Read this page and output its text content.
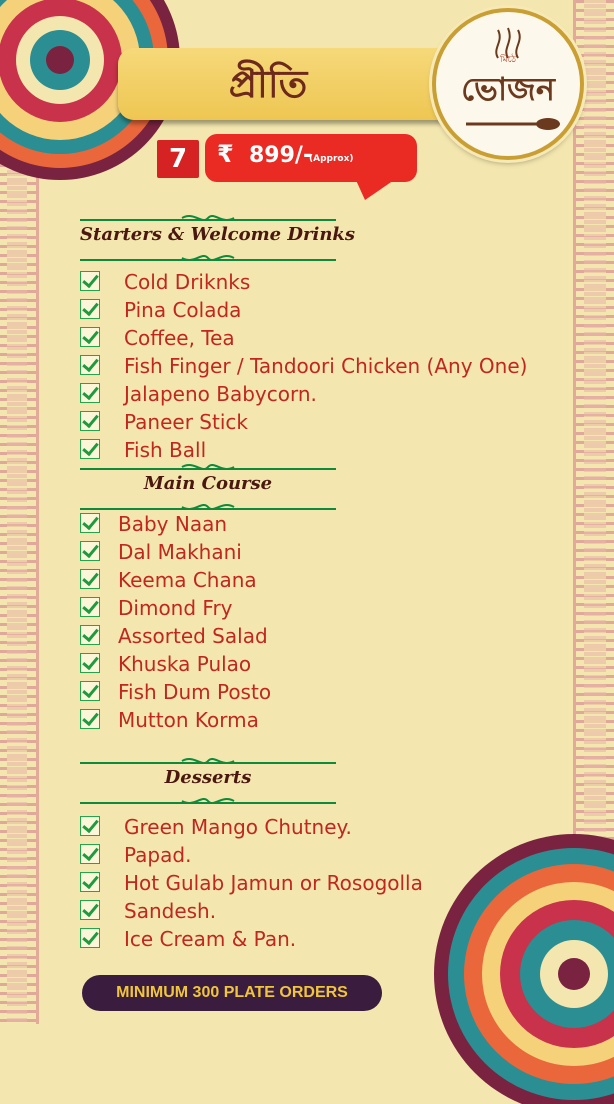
প্রীতি
মিঠে
ভোজন
7	₹ 899/-
(Approx)
Starters & Welcome Drinks
Cold Driknks
Pina Colada
Coffee, Tea
Fish Finger / Tandoori Chicken (Any One)
Jalapeno Babycorn.
Paneer Stick
Fish Ball
Main Course
Baby Naan
Dal Makhani
Keema Chana
Dimond Fry
Assorted Salad
Khuska Pulao
Fish Dum Posto
Mutton Korma
Desserts
Green Mango Chutney.
Papad.
Hot Gulab Jamun or Rosogolla
Sandesh.
Ice Cream & Pan.
MINIMUM 300 PLATE ORDERS
